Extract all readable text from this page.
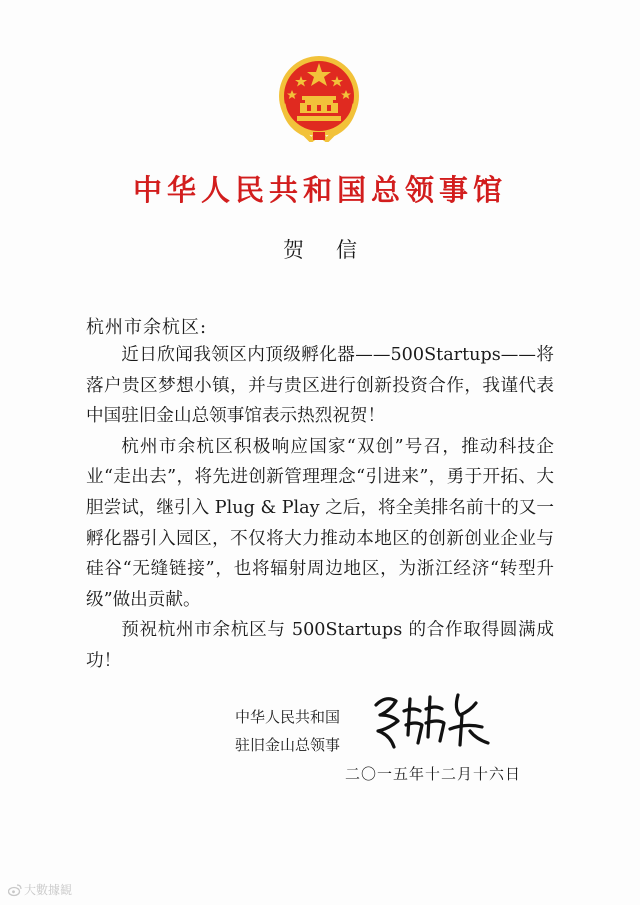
中华人民共和国总领事馆
贺信
杭州市余杭区:

近日欣闻我领区内顶级孵化器——500Startups——将落户贵区梦想小镇，并与贵区进行创新投资合作，我谨代表中国驻旧金山总领事馆表示热烈祝贺！

杭州市余杭区积极响应国家“双创”号召，推动科技企业“走出去”，将先进创新管理理念“引进来”，勇于开拓、大胆尝试，继引入 Plug & Play 之后，将全美排名前十的又一孵化器引入园区，不仅将大力推动本地区的创新创业企业与硅谷“无缝链接”，也将辐射周边地区，为浙江经济“转型升级”做出贡献。

预祝杭州市余杭区与 500Startups 的合作取得圆满成功！

中华人民共和国
驻旧金山总领事
二〇一五年十二月十六日
大數據観
